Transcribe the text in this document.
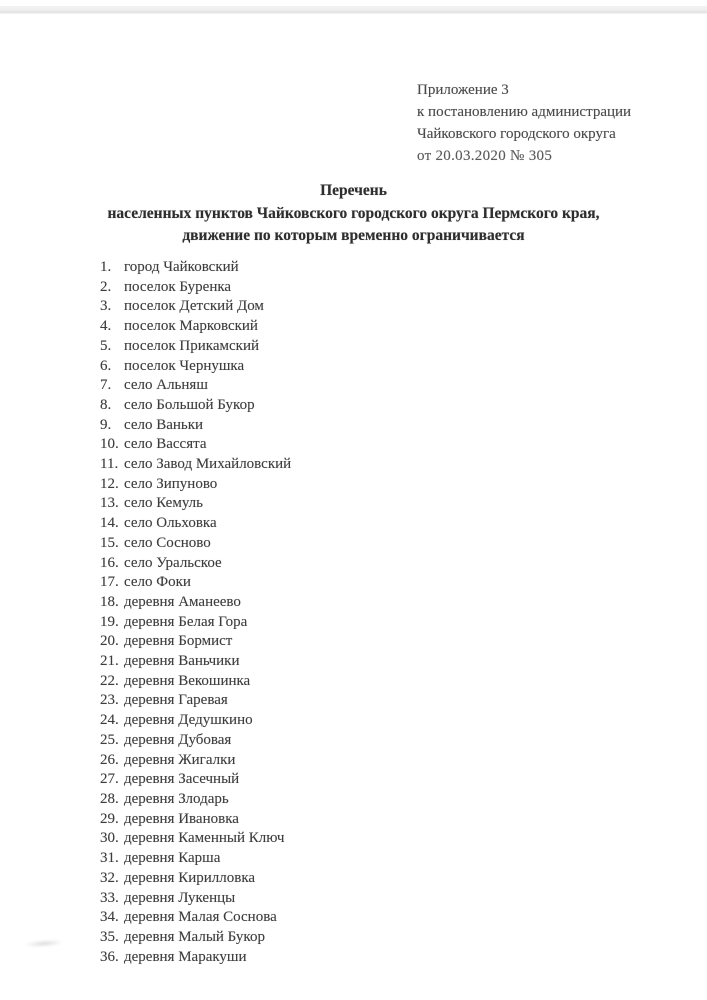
Приложение 3
к постановлению администрации
Чайковского городского округа
от 20.03.2020 № 305
Перечень
населенных пунктов Чайковского городского округа Пермского края,
движение по которым временно ограничивается
1. город Чайковский
2. поселок Буренка
3. поселок Детский Дом
4. поселок Марковский
5. поселок Прикамский
6. поселок Чернушка
7. село Альняш
8. село Большой Букор
9. село Ваньки
10. село Вассята
11. село Завод Михайловский
12. село Зипуново
13. село Кемуль
14. село Ольховка
15. село Сосново
16. село Уральское
17. село Фоки
18. деревня Аманеево
19. деревня Белая Гора
20. деревня Бормист
21. деревня Ваньчики
22. деревня Векошинка
23. деревня Гаревая
24. деревня Дедушкино
25. деревня Дубовая
26. деревня Жигалки
27. деревня Засечный
28. деревня Злодарь
29. деревня Ивановка
30. деревня Каменный Ключ
31. деревня Карша
32. деревня Кирилловка
33. деревня Лукенцы
34. деревня Малая Соснова
35. деревня Малый Букор
36. деревня Маракуши
